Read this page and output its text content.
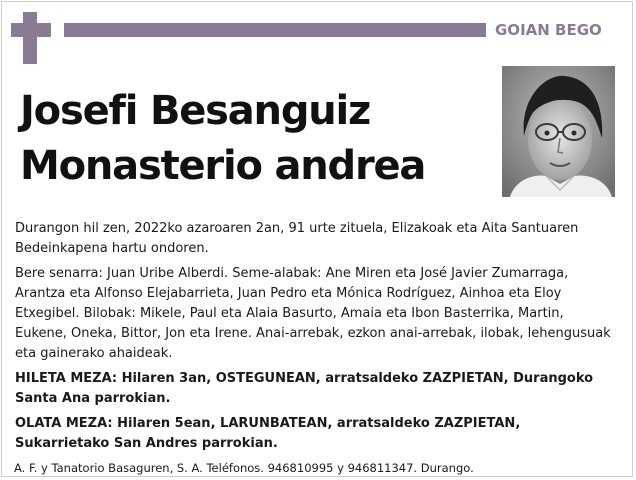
GOIAN BEGO
Josefi Besanguiz
Monasterio andrea

Durangon hil zen, 2022ko azaroaren 2an, 91 urte zituela, Elizakoak eta Aita Santuaren Bedeinkapena hartu ondoren.

Bere senarra: Juan Uribe Alberdi. Seme-alabak: Ane Miren eta José Javier Zumarraga, Arantza eta Alfonso Elejabarrieta, Juan Pedro eta Mónica Rodríguez, Ainhoa eta Eloy Etxegibel. Bilobak: Mikele, Paul eta Alaia Basurto, Amaia eta Ibon Basterrika, Martin, Eukene, Oneka, Bittor, Jon eta Irene. Anai-arrebak, ezkon anai-arrebak, ilobak, lehengusuak eta gainerako ahaideak.

HILETA MEZA: Hilaren 3an, OSTEGUNEAN, arratsaldeko ZAZPIETAN, Durangoko Santa Ana parrokian.

OLATA MEZA: Hilaren 5ean, LARUNBATEAN, arratsaldeko ZAZPIETAN, Sukarrietako San Andres parrokian.

A. F. y Tanatorio Basaguren, S. A. Teléfonos. 946810995 y 946811347. Durango.
